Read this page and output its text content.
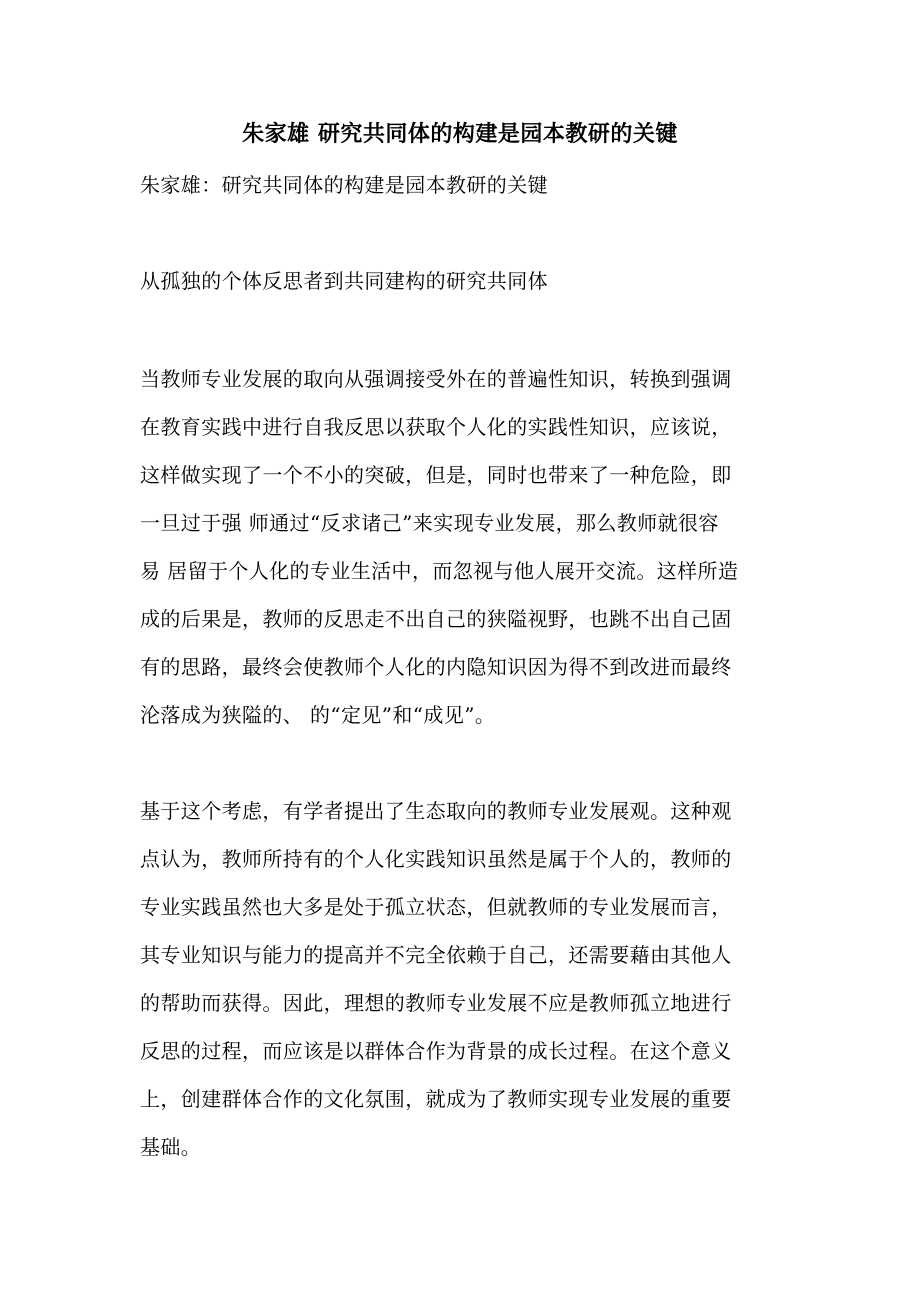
朱家雄 研究共同体的构建是园本教研的关键
朱家雄：研究共同体的构建是园本教研的关键
从孤独的个体反思者到共同建构的研究共同体
当教师专业发展的取向从强调接受外在的普遍性知识，转换到强调
在教育实践中进行自我反思以获取个人化的实践性知识，应该说，
这样做实现了一个不小的突破，但是，同时也带来了一种危险，即
一旦过于强 师通过“反求诸己”来实现专业发展，那么教师就很容
易 居留于个人化的专业生活中，而忽视与他人展开交流。这样所造
成的后果是，教师的反思走不出自己的狭隘视野，也跳不出自己固
有的思路，最终会使教师个人化的内隐知识因为得不到改进而最终
沦落成为狭隘的、 的“定见”和“成见”。
基于这个考虑，有学者提出了生态取向的教师专业发展观。这种观
点认为，教师所持有的个人化实践知识虽然是属于个人的，教师的
专业实践虽然也大多是处于孤立状态，但就教师的专业发展而言，
其专业知识与能力的提高并不完全依赖于自己，还需要藉由其他人
的帮助而获得。因此，理想的教师专业发展不应是教师孤立地进行
反思的过程，而应该是以群体合作为背景的成长过程。在这个意义
上，创建群体合作的文化氛围，就成为了教师实现专业发展的重要
基础。
